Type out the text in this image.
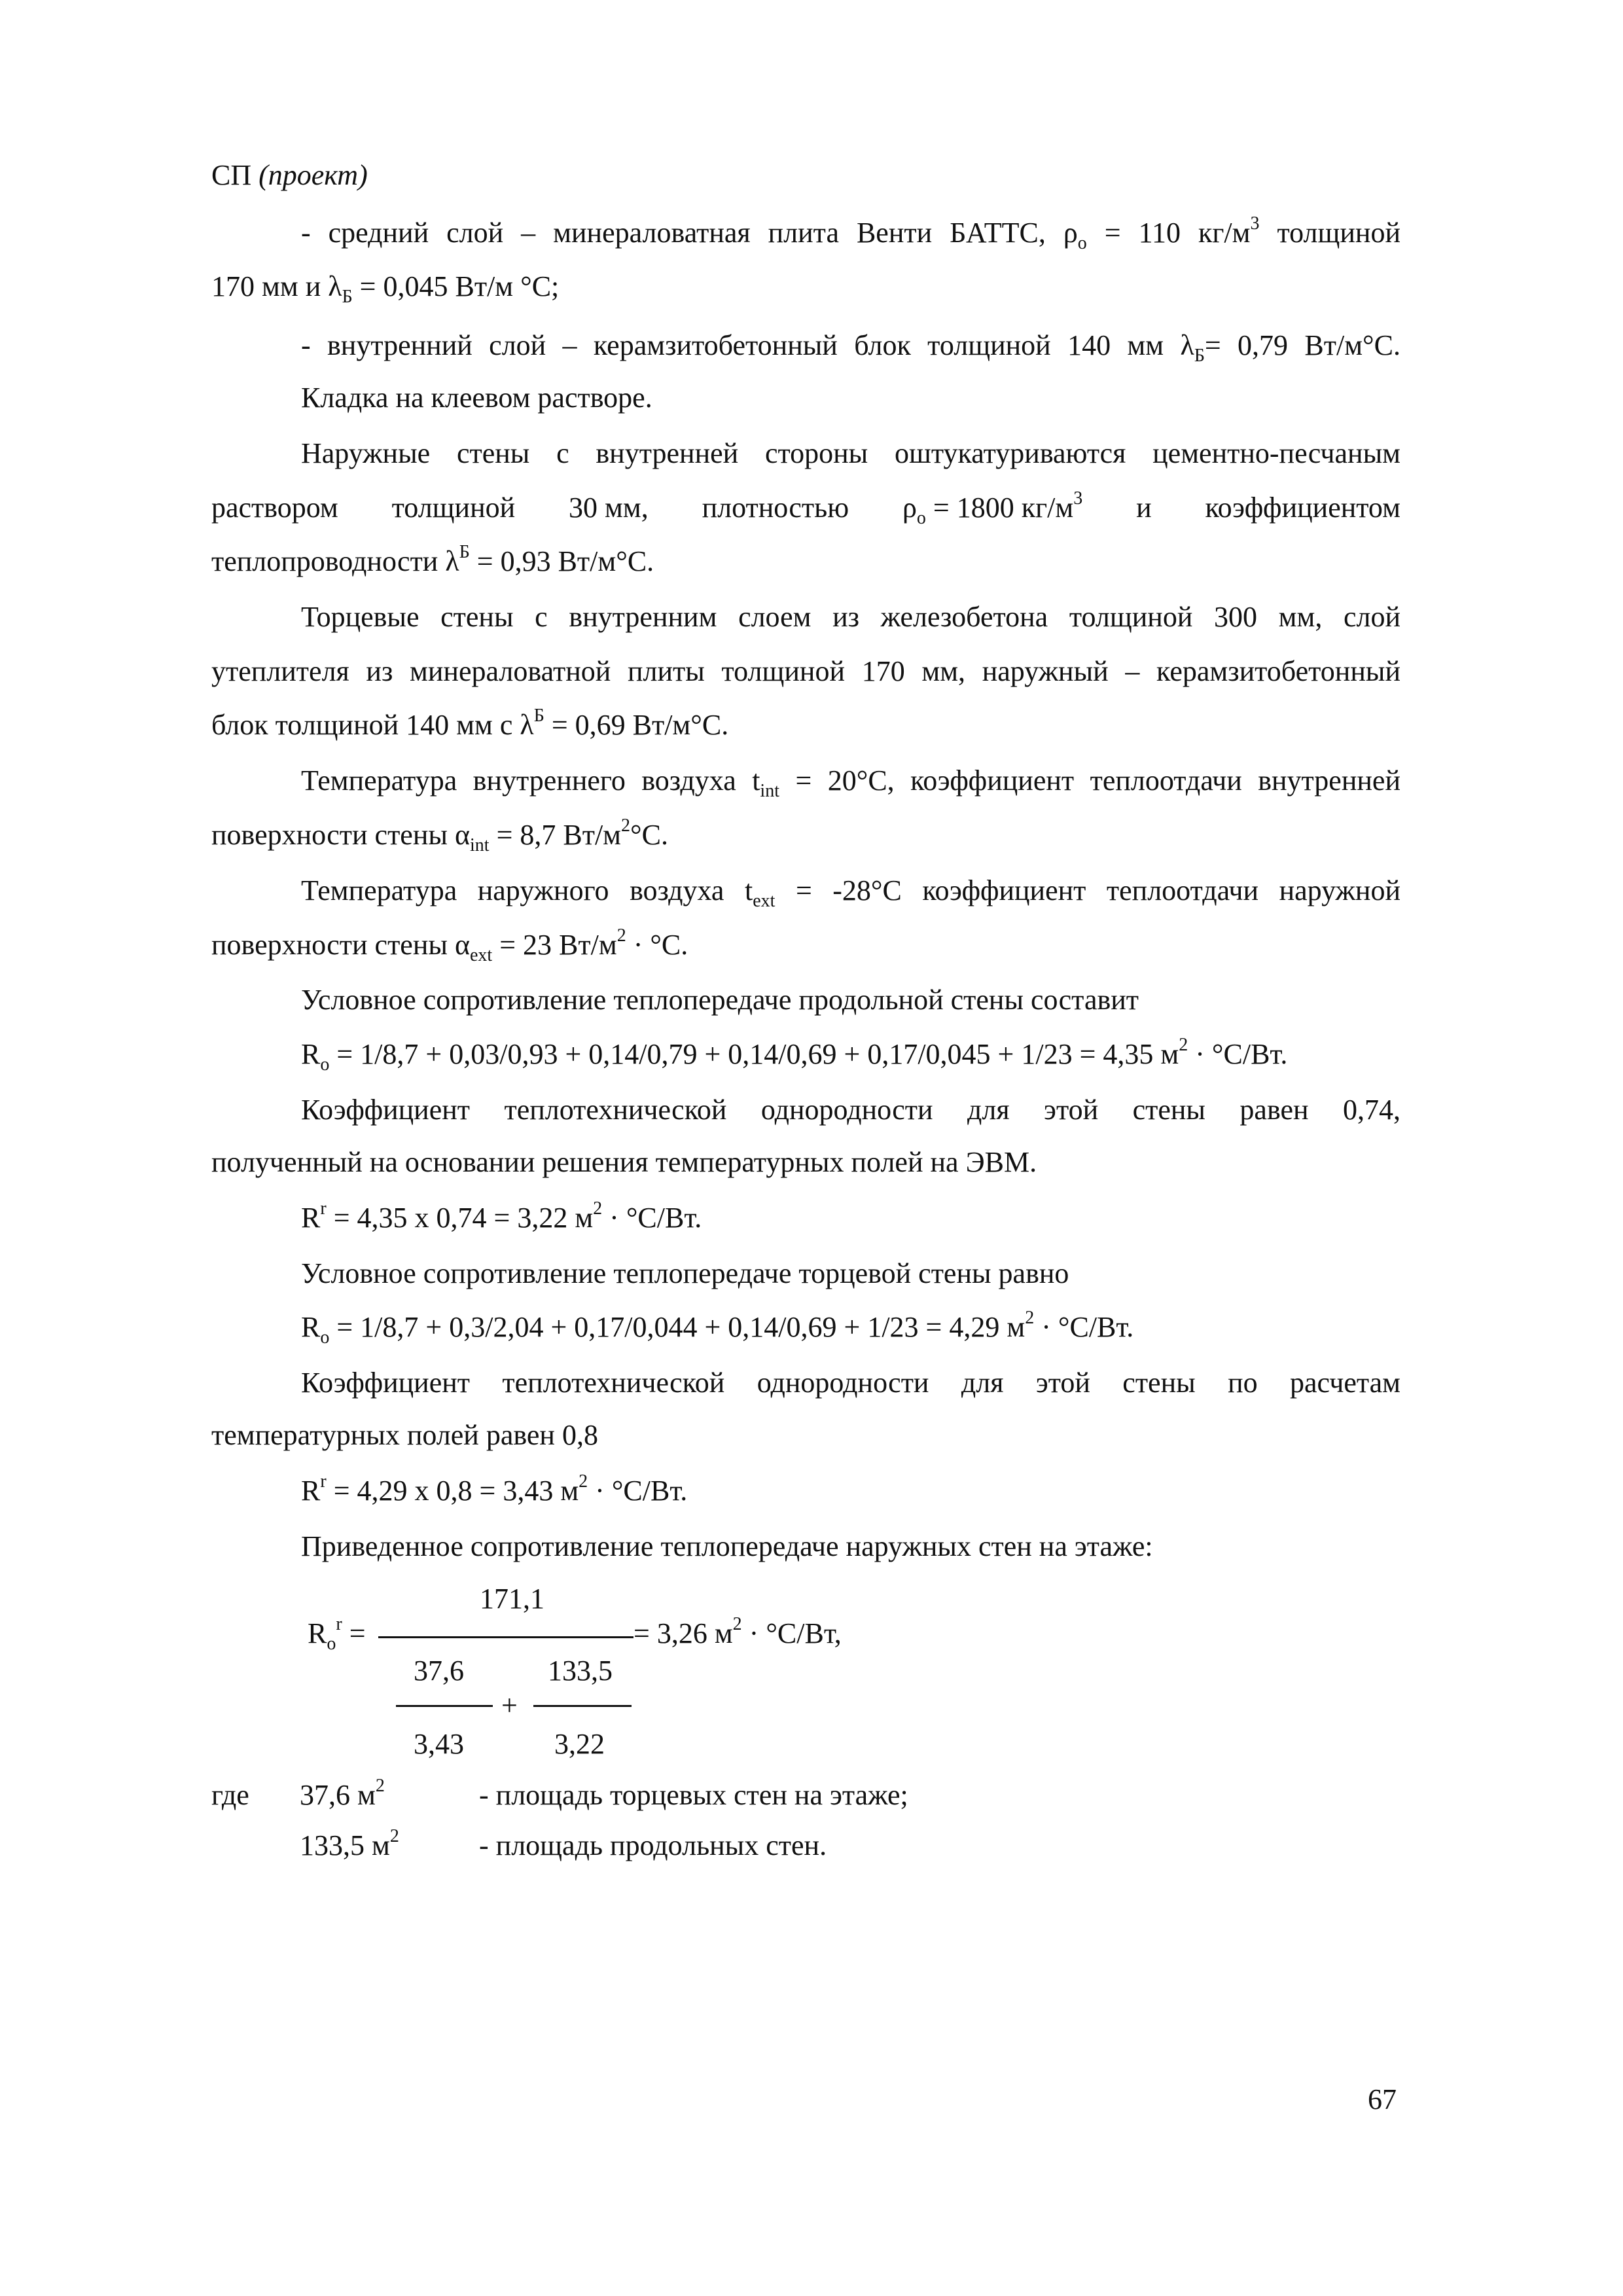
СП (проект)
- средний слой – минераловатная плита Венти БАТТС, $\rho_о = 110$ $кг/м^3$ толщиной
170 мм и $\lambda_Б = 0,045$ Вт/м °С;
- внутренний слой – керамзитобетонный блок толщиной 140 мм $\lambda_Б= 0,79$ Вт/м°С.
Кладка на клеевом растворе.
Наружные стены с внутренней стороны оштукатуриваются цементно-песчаным
раствором толщиной 30 мм, плотностью $\rho_о = 1800$ $кг/м^3$ и коэффициентом
теплопроводности $\lambda^Б = 0,93$ Вт/м°С.
Торцевые стены с внутренним слоем из железобетона толщиной 300 мм, слой
утеплителя из минераловатной плиты толщиной 170 мм, наружный – керамзитобетонный
блок толщиной 140 мм с $\lambda^Б = 0,69$ Вт/м°С.
Температура внутреннего воздуха $t_{int} = 20^\circ С$, коэффициент теплоотдачи внутренней
поверхности стены $\alpha_{int} = 8,7$ $Вт/м^2^\circ С$.
Температура наружного воздуха $t_{ext} = -28^\circ С$ коэффициент теплоотдачи наружной
поверхности стены $\alpha_{ext} = 23$ $Вт/м^2 \cdot ^\circ С$.
Условное сопротивление теплопередаче продольной стены составит
$R_о = 1/8,7 + 0,03/0,93 + 0,14/0,79 + 0,14/0,69 + 0,17/0,045 + 1/23 = 4,35$ $м^2 \cdot ^\circ С/Вт$.
Коэффициент теплотехнической однородности для этой стены равен 0,74,
полученный на основании решения температурных полей на ЭВМ.
$R^r = 4,35$ x 0,74 = 3,22 $м^2 \cdot ^\circ С/Вт$.
Условное сопротивление теплопередаче торцевой стены равно
$R_о = 1/8,7 + 0,3/2,04 + 0,17/0,044 + 0,14/0,69 + 1/23 = 4,29$ $м^2 \cdot ^\circ С/Вт$.
Коэффициент теплотехнической однородности для этой стены по расчетам
температурных полей равен 0,8
$R^r = 4,29$ x 0,8 = 3,43 $м^2 \cdot ^\circ С/Вт$.
Приведенное сопротивление теплопередаче наружных стен на этаже:
171,1
$R_о^r$ =	= 3,26 $м^2 \cdot ^\circ С/Вт$,
37,6
+
133,5
3,43	3,22
где 37,6 $м^2$	- площадь торцевых стен на этаже;
133,5 $м^2$	- площадь продольных стен.
67
